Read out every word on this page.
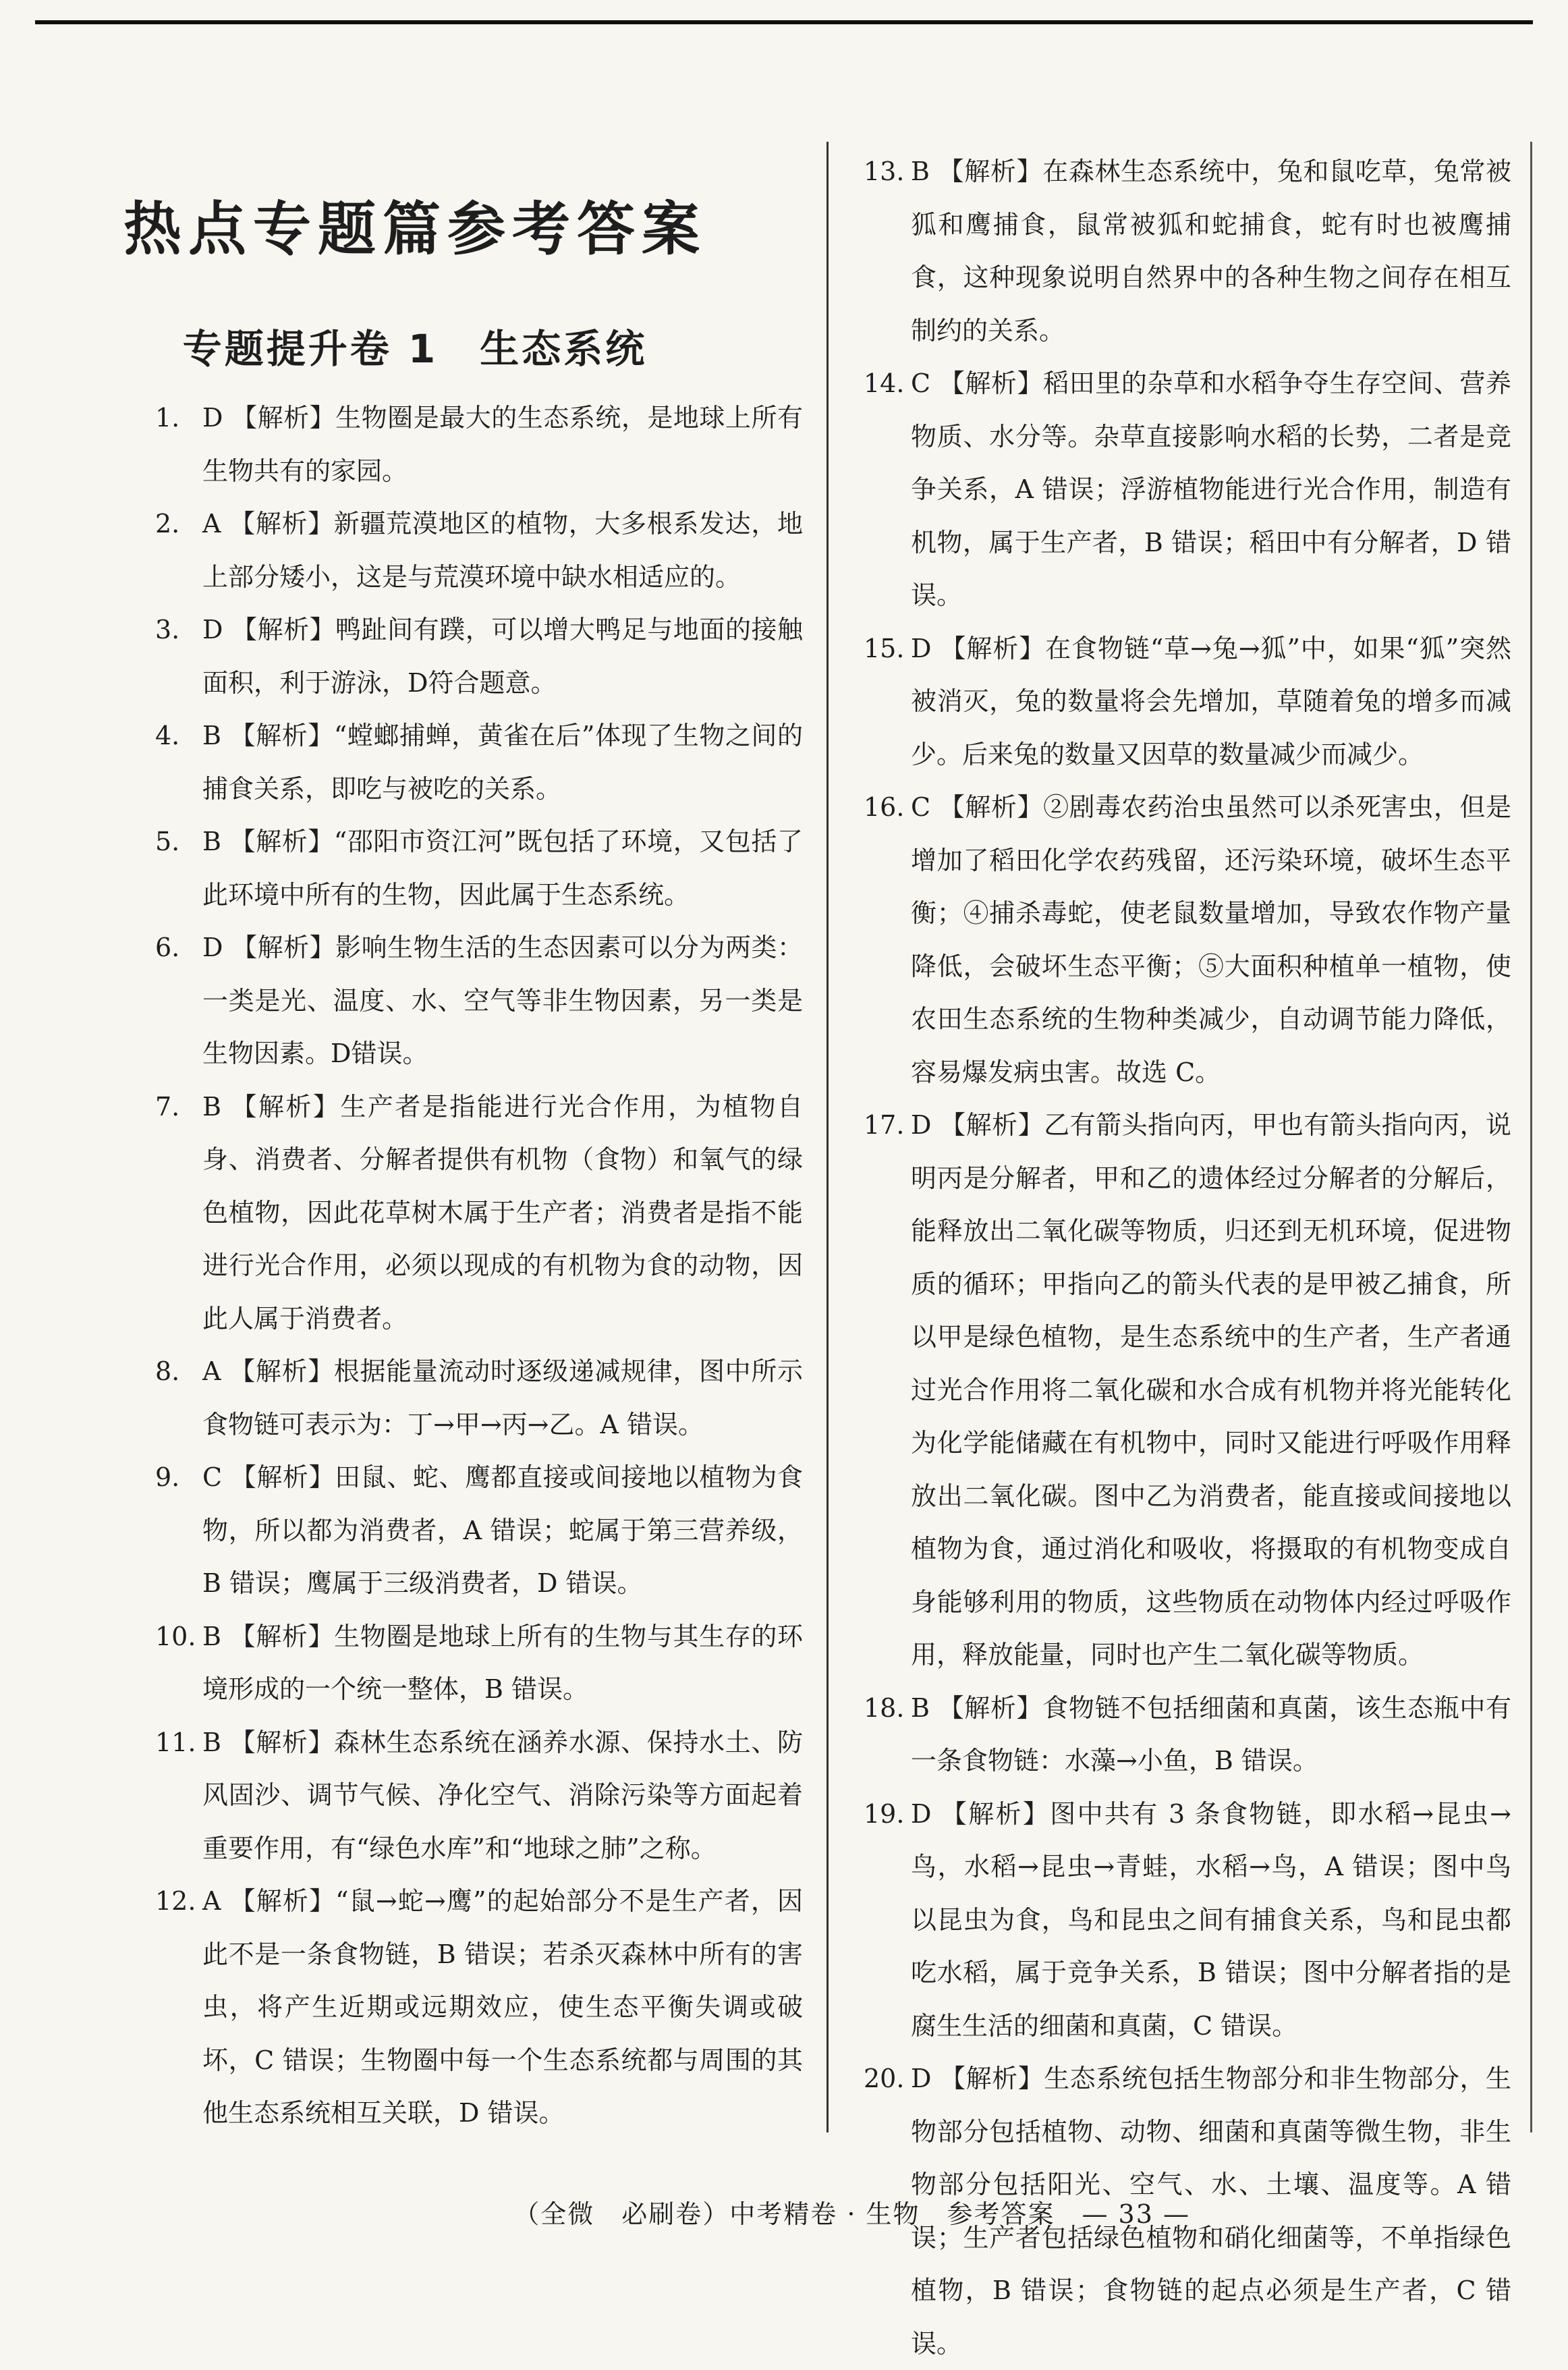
热点专题篇参考答案
专题提升卷 1　生态系统
1. D 【解析】生物圈是最大的生态系统，是地球上所有生物共有的家园。
2. A 【解析】新疆荒漠地区的植物，大多根系发达，地上部分矮小，这是与荒漠环境中缺水相适应的。
3. D 【解析】鸭趾间有蹼，可以增大鸭足与地面的接触面积，利于游泳，D符合题意。
4. B 【解析】“螳螂捕蝉，黄雀在后”体现了生物之间的捕食关系，即吃与被吃的关系。
5. B 【解析】“邵阳市资江河”既包括了环境，又包括了此环境中所有的生物，因此属于生态系统。
6. D 【解析】影响生物生活的生态因素可以分为两类：一类是光、温度、水、空气等非生物因素，另一类是生物因素。D错误。
7. B 【解析】生产者是指能进行光合作用，为植物自身、消费者、分解者提供有机物（食物）和氧气的绿色植物，因此花草树木属于生产者；消费者是指不能进行光合作用，必须以现成的有机物为食的动物，因此人属于消费者。
8. A 【解析】根据能量流动时逐级递减规律，图中所示食物链可表示为：丁→甲→丙→乙。A 错误。
9. C 【解析】田鼠、蛇、鹰都直接或间接地以植物为食物，所以都为消费者，A 错误；蛇属于第三营养级，B 错误；鹰属于三级消费者，D 错误。
10. B 【解析】生物圈是地球上所有的生物与其生存的环境形成的一个统一整体，B 错误。
11. B 【解析】森林生态系统在涵养水源、保持水土、防风固沙、调节气候、净化空气、消除污染等方面起着重要作用，有“绿色水库”和“地球之肺”之称。
12. A 【解析】“鼠→蛇→鹰”的起始部分不是生产者，因此不是一条食物链，B 错误；若杀灭森林中所有的害虫，将产生近期或远期效应，使生态平衡失调或破坏，C 错误；生物圈中每一个生态系统都与周围的其他生态系统相互关联，D 错误。
13. B 【解析】在森林生态系统中，兔和鼠吃草，兔常被狐和鹰捕食，鼠常被狐和蛇捕食，蛇有时也被鹰捕食，这种现象说明自然界中的各种生物之间存在相互制约的关系。
14. C 【解析】稻田里的杂草和水稻争夺生存空间、营养物质、水分等。杂草直接影响水稻的长势，二者是竞争关系，A 错误；浮游植物能进行光合作用，制造有机物，属于生产者，B 错误；稻田中有分解者，D 错误。
15. D 【解析】在食物链“草→兔→狐”中，如果“狐”突然被消灭，兔的数量将会先增加，草随着兔的增多而减少。后来兔的数量又因草的数量减少而减少。
16. C 【解析】②剧毒农药治虫虽然可以杀死害虫，但是增加了稻田化学农药残留，还污染环境，破坏生态平衡；④捕杀毒蛇，使老鼠数量增加，导致农作物产量降低，会破坏生态平衡；⑤大面积种植单一植物，使农田生态系统的生物种类减少，自动调节能力降低，容易爆发病虫害。故选 C。
17. D 【解析】乙有箭头指向丙，甲也有箭头指向丙，说明丙是分解者，甲和乙的遗体经过分解者的分解后，能释放出二氧化碳等物质，归还到无机环境，促进物质的循环；甲指向乙的箭头代表的是甲被乙捕食，所以甲是绿色植物，是生态系统中的生产者，生产者通过光合作用将二氧化碳和水合成有机物并将光能转化为化学能储藏在有机物中，同时又能进行呼吸作用释放出二氧化碳。图中乙为消费者，能直接或间接地以植物为食，通过消化和吸收，将摄取的有机物变成自身能够利用的物质，这些物质在动物体内经过呼吸作用，释放能量，同时也产生二氧化碳等物质。
18. B 【解析】食物链不包括细菌和真菌，该生态瓶中有一条食物链：水藻→小鱼，B 错误。
19. D 【解析】图中共有 3 条食物链，即水稻→昆虫→鸟，水稻→昆虫→青蛙，水稻→鸟，A 错误；图中鸟以昆虫为食，鸟和昆虫之间有捕食关系，鸟和昆虫都吃水稻，属于竞争关系，B 错误；图中分解者指的是腐生生活的细菌和真菌，C 错误。
20. D 【解析】生态系统包括生物部分和非生物部分，生物部分包括植物、动物、细菌和真菌等微生物，非生物部分包括阳光、空气、水、土壤、温度等。A 错误；生产者包括绿色植物和硝化细菌等，不单指绿色植物，B 错误；食物链的起点必须是生产者，C 错误。
（全微　必刷卷）中考精卷 · 生物　参考答案　— 33 —
